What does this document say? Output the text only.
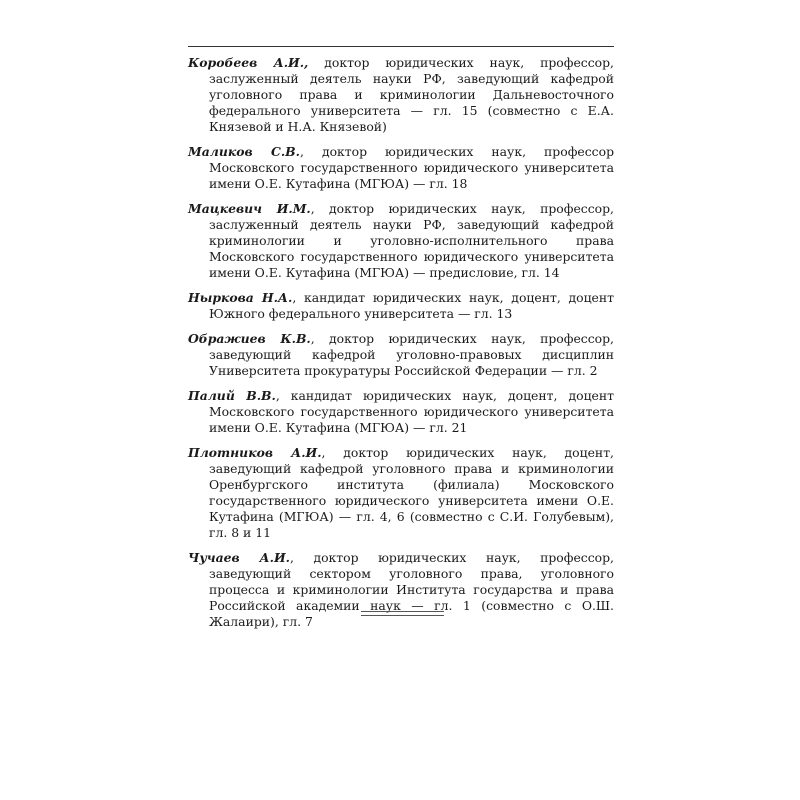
Коробеев А.И., доктор юридических наук, профессор, заслуженный деятель науки РФ, заведующий кафедрой уголовного права и криминологии Дальневосточного федерального университета — гл. 15 (совместно с Е.А. Князевой и Н.А. Князевой)
Маликов С.В., доктор юридических наук, профессор Московского государственного юридического университета имени О.Е. Кутафина (МГЮА) — гл. 18
Мацкевич И.М., доктор юридических наук, профессор, заслуженный деятель науки РФ, заведующий кафедрой криминологии и уголовно-исполнительного права Московского государственного юридического университета имени О.Е. Кутафина (МГЮА) — предисловие, гл. 14
Ныркова Н.А., кандидат юридических наук, доцент, доцент Южного федерального университета — гл. 13
Ображиев К.В., доктор юридических наук, профессор, заведующий кафедрой уголовно-правовых дисциплин Университета прокуратуры Российской Федерации — гл. 2
Палий В.В., кандидат юридических наук, доцент, доцент Московского государственного юридического университета имени О.Е. Кутафина (МГЮА) — гл. 21
Плотников А.И., доктор юридических наук, доцент, заведующий кафедрой уголовного права и криминологии Оренбургского института (филиала) Московского государственного юридического университета имени О.Е. Кутафина (МГЮА) — гл. 4, 6 (совместно с С.И. Голубевым), гл. 8 и 11
Чучаев А.И., доктор юридических наук, профессор, заведующий сектором уголовного права, уголовного процесса и криминологии Института государства и права Российской академии наук — гл. 1 (совместно с О.Ш. Жалаири), гл. 7
